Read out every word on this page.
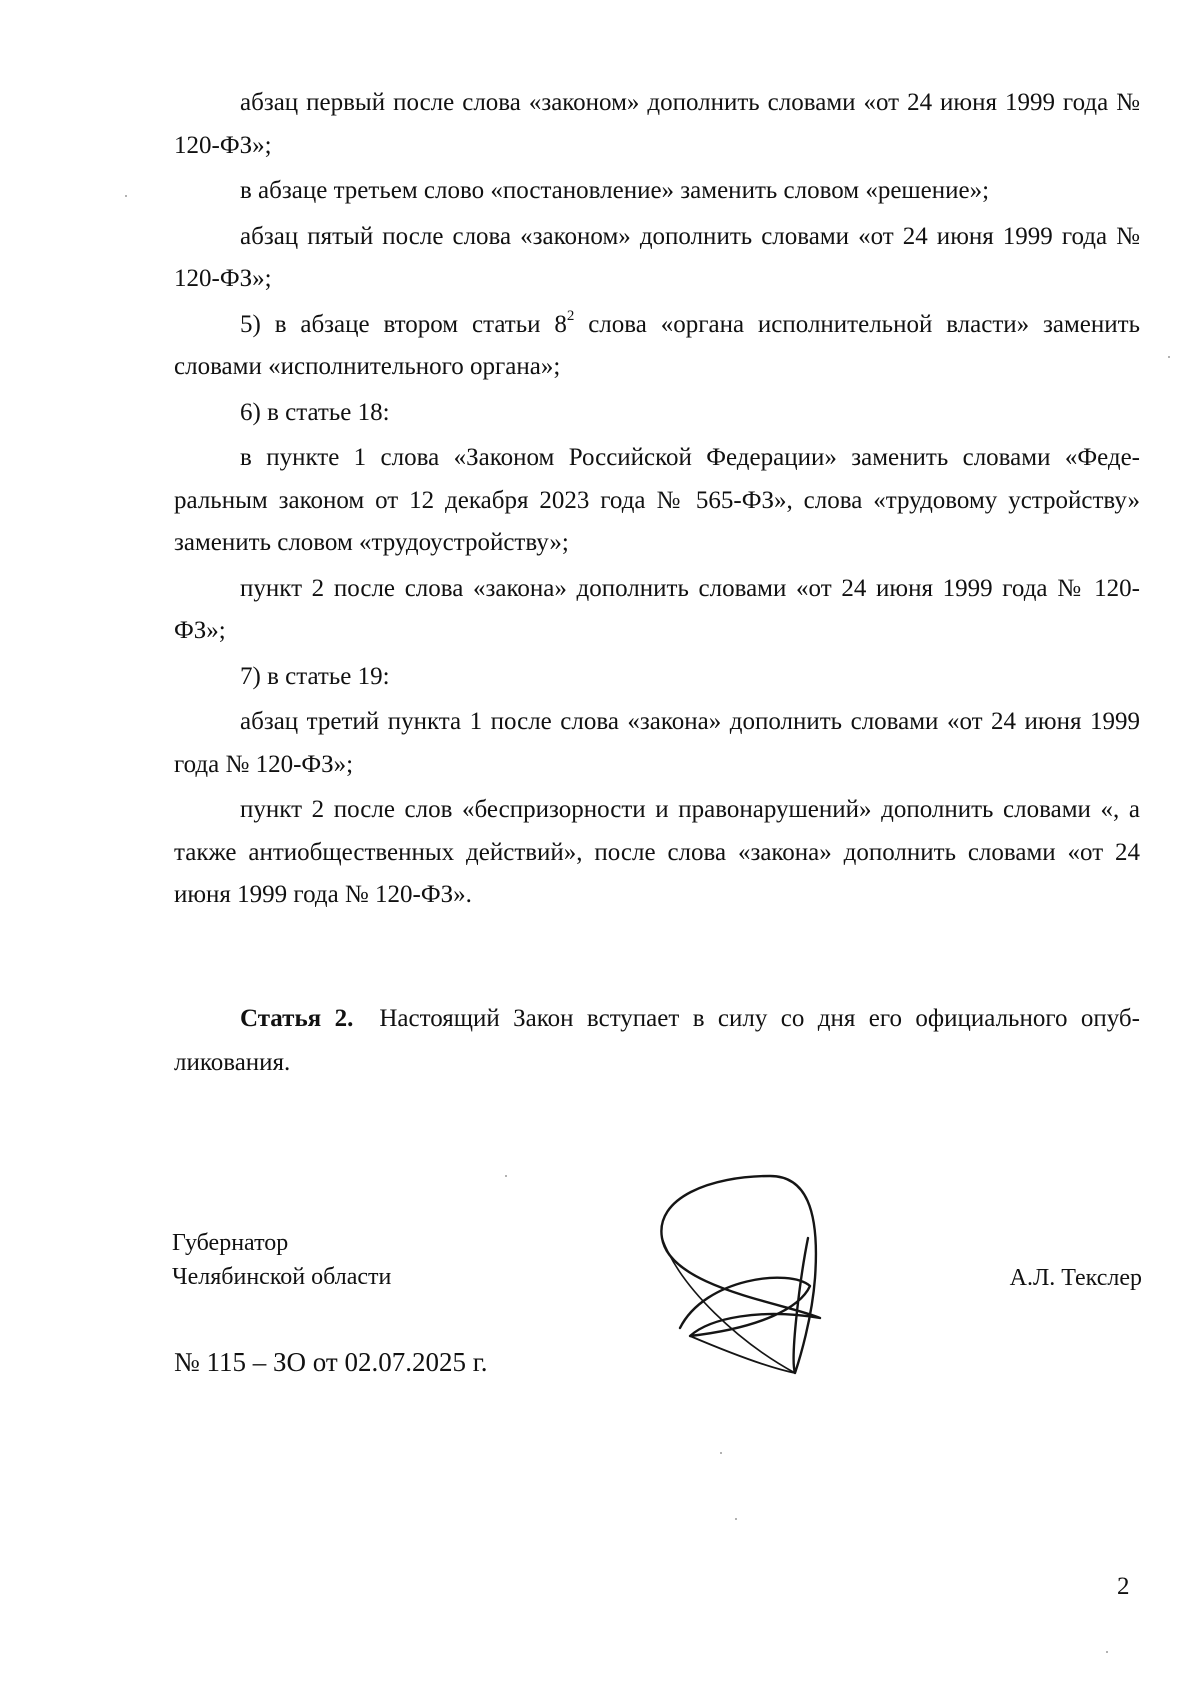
абзац первый после слова «законом» дополнить словами «от 24 июня 1999 года № 120-ФЗ»;

в абзаце третьем слово «постановление» заменить словом «решение»;

абзац пятый после слова «законом» дополнить словами «от 24 июня 1999 года № 120-ФЗ»;

5) в абзаце втором статьи $8^2$ слова «органа исполнительной власти» заменить словами «исполнительного органа»;

6) в статье 18:

в пункте 1 слова «Законом Российской Федерации» заменить словами «Федеральным законом от 12 декабря 2023 года № 565-ФЗ», слова «трудовому устройству» заменить словом «трудоустройству»;

пункт 2 после слова «закона» дополнить словами «от 24 июня 1999 года № 120-ФЗ»;

7) в статье 19:

абзац третий пункта 1 после слова «закона» дополнить словами «от 24 июня 1999 года № 120-ФЗ»;

пункт 2 после слов «беспризорности и правонарушений» дополнить словами «, а также антиобщественных действий», после слова «закона» дополнить словами «от 24 июня 1999 года № 120-ФЗ».

Статья 2. Настоящий Закон вступает в силу со дня его официального опубликования.

Губернатор
Челябинской области	А.Л. Текслер
№ 115 – ЗО от 02.07.2025 г.
2
